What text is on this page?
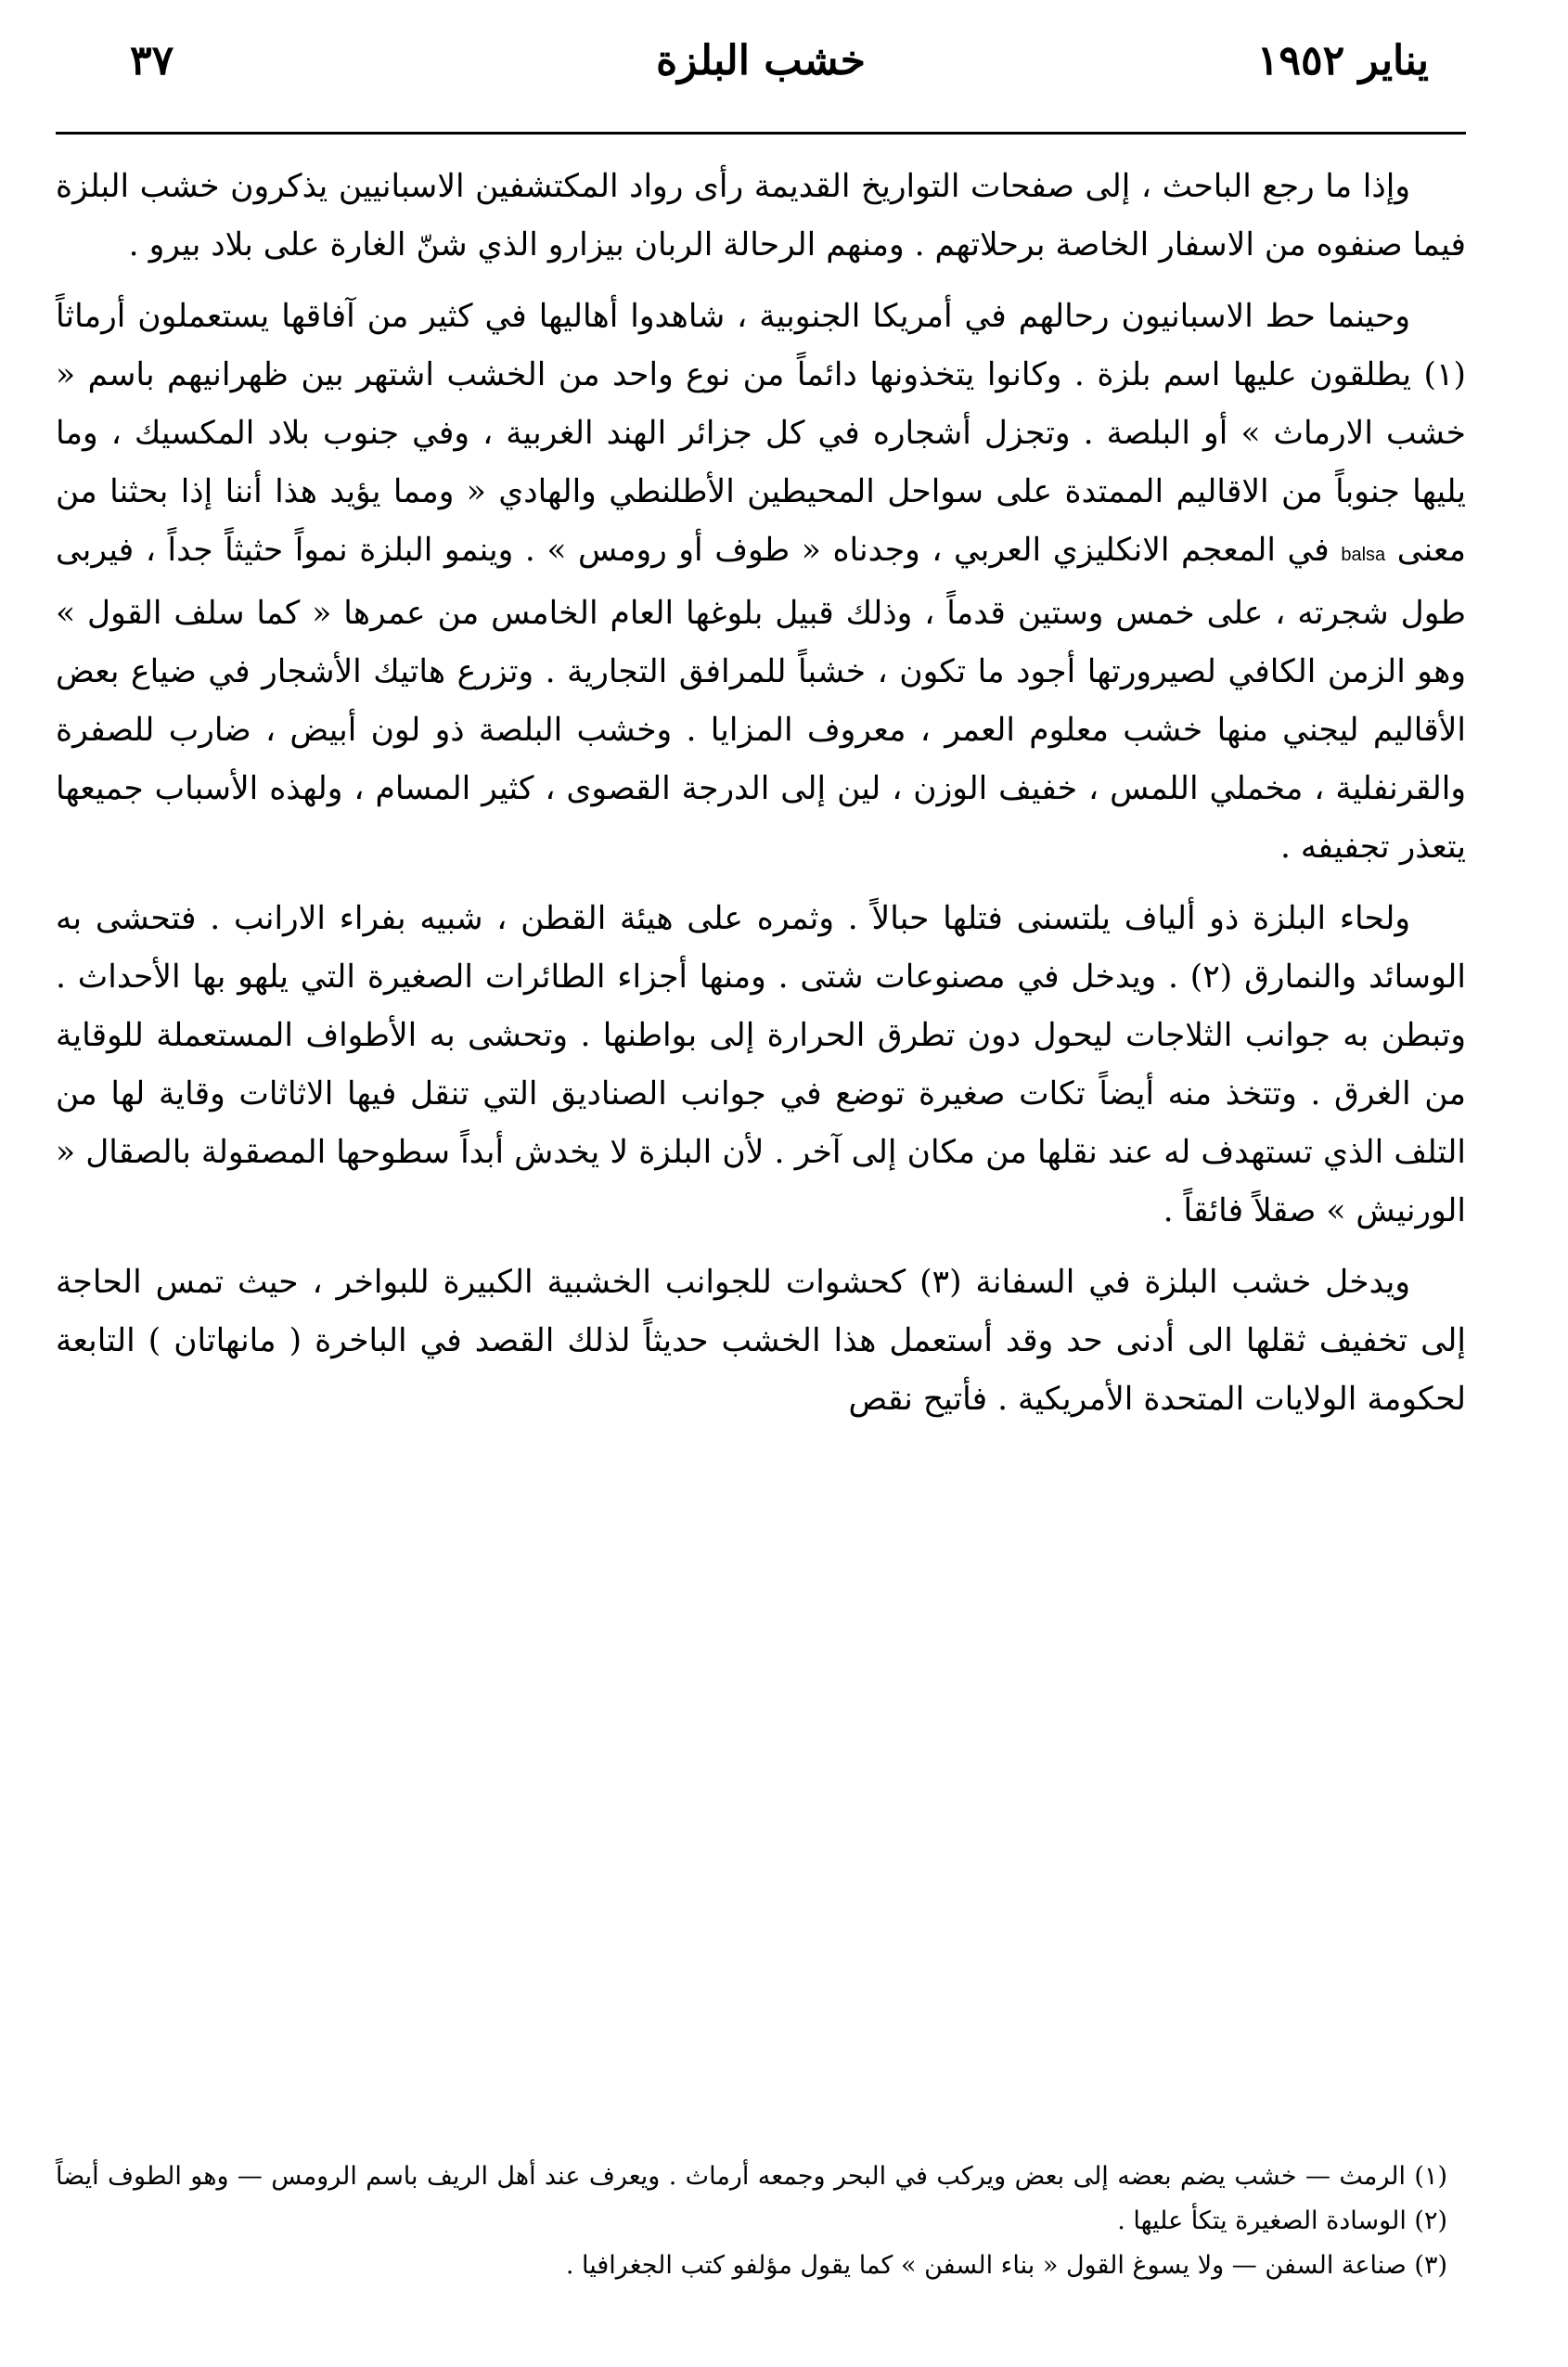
يناير ١٩٥٢
خشب البلزة
٣٧

وإذا ما رجع الباحث ، إلى صفحات التواريخ القديمة رأى رواد المكتشفين الاسبانيين يذكرون خشب البلزة فيما صنفوه من الاسفار الخاصة برحلاتهم . ومنهم الرحالة الربان بيزارو الذي شنّ الغارة على بلاد بيرو .

وحينما حط الاسبانيون رحالهم في أمريكا الجنوبية ، شاهدوا أهاليها في كثير من آفاقها يستعملون أرماثاً (١) يطلقون عليها اسم بلزة . وكانوا يتخذونها دائماً من نوع واحد من الخشب اشتهر بين ظهرانيهم باسم « خشب الارماث » أو البلصة . وتجزل أشجاره في كل جزائر الهند الغربية ، وفي جنوب بلاد المكسيك ، وما يليها جنوباً من الاقاليم الممتدة على سواحل المحيطين الأطلنطي والهادي « ومما يؤيد هذا أننا إذا بحثنا من معنى balsa في المعجم الانكليزي العربي ، وجدناه « طوف أو رومس » . وينمو البلزة نمواً حثيثاً جداً ، فيربى طول شجرته ، على خمس وستين قدماً ، وذلك قبيل بلوغها العام الخامس من عمرها « كما سلف القول » وهو الزمن الكافي لصيرورتها أجود ما تكون ، خشباً للمرافق التجارية . وتزرع هاتيك الأشجار في ضياع بعض الأقاليم ليجني منها خشب معلوم العمر ، معروف المزايا . وخشب البلصة ذو لون أبيض ، ضارب للصفرة والقرنفلية ، مخملي اللمس ، خفيف الوزن ، لين إلى الدرجة القصوى ، كثير المسام ، ولهذه الأسباب جميعها يتعذر تجفيفه .

ولحاء البلزة ذو ألياف يلتسنى فتلها حبالاً . وثمره على هيئة القطن ، شبيه بفراء الارانب . فتحشى به الوسائد والنمارق (٢) . ويدخل في مصنوعات شتى . ومنها أجزاء الطائرات الصغيرة التي يلهو بها الأحداث . وتبطن به جوانب الثلاجات ليحول دون تطرق الحرارة إلى بواطنها . وتحشى به الأطواف المستعملة للوقاية من الغرق . وتتخذ منه أيضاً تكات صغيرة توضع في جوانب الصناديق التي تنقل فيها الاثاثات وقاية لها من التلف الذي تستهدف له عند نقلها من مكان إلى آخر . لأن البلزة لا يخدش أبداً سطوحها المصقولة بالصقال « الورنيش » صقلاً فائقاً .

ويدخل خشب البلزة في السفانة (٣) كحشوات للجوانب الخشبية الكبيرة للبواخر ، حيث تمس الحاجة إلى تخفيف ثقلها الى أدنى حد وقد أستعمل هذا الخشب حديثاً لذلك القصد في الباخرة ( مانهاتان ) التابعة لحكومة الولايات المتحدة الأمريكية . فأتيح نقص

(١) الرمث — خشب يضم بعضه إلى بعض ويركب في البحر وجمعه أرماث . ويعرف عند أهل الريف باسم الرومس — وهو الطوف أيضاً (٢) الوسادة الصغيرة يتكأ عليها .

(٣) صناعة السفن — ولا يسوغ القول « بناء السفن » كما يقول مؤلفو كتب الجغرافيا .
